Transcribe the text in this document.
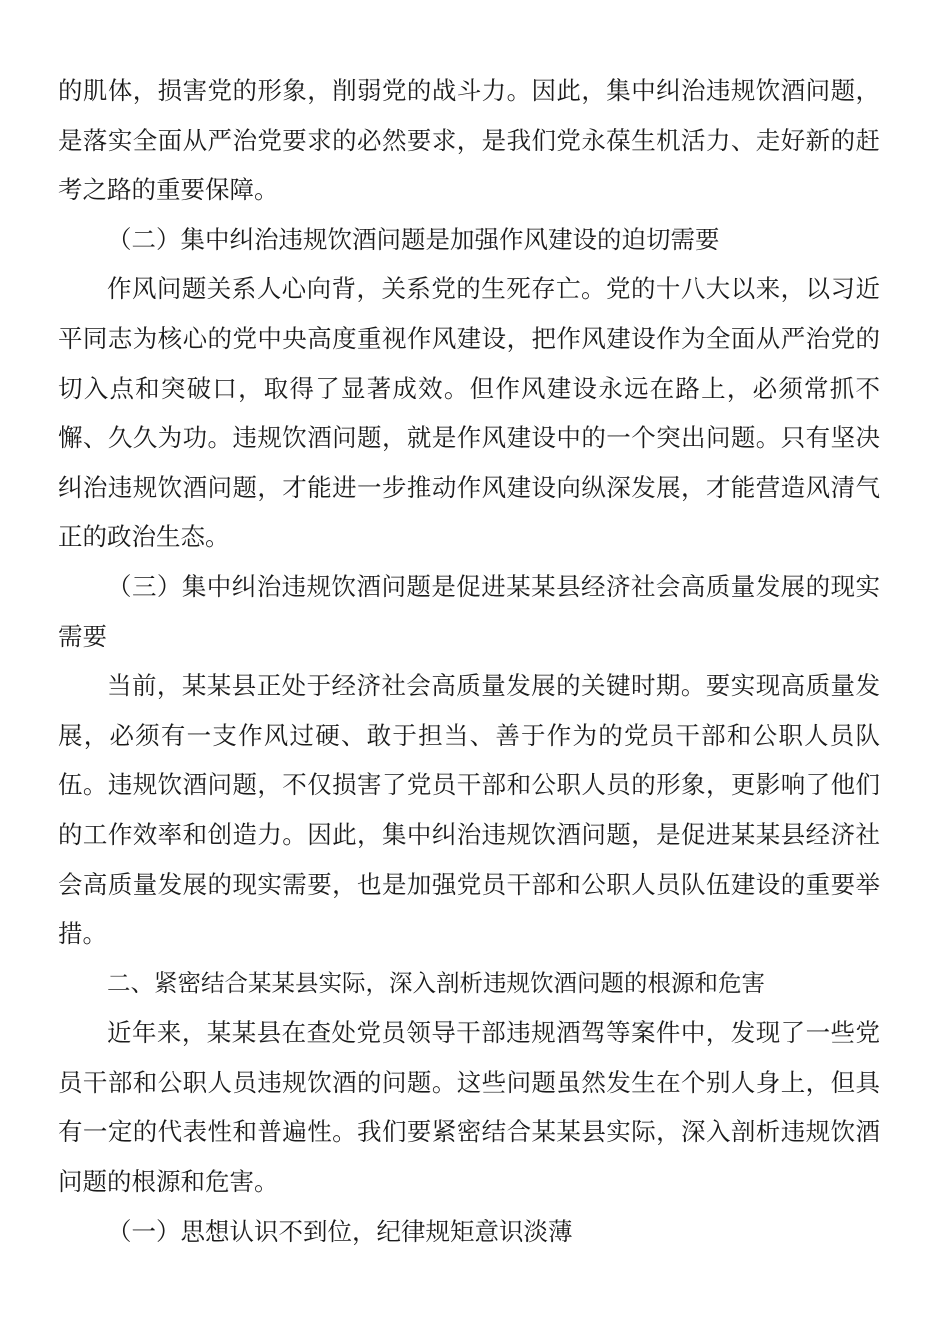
的肌体，损害党的形象，削弱党的战斗力。因此，集中纠治违规饮酒问题，是落实全面从严治党要求的必然要求，是我们党永葆生机活力、走好新的赶考之路的重要保障。

（二）集中纠治违规饮酒问题是加强作风建设的迫切需要

作风问题关系人心向背，关系党的生死存亡。党的十八大以来，以习近平同志为核心的党中央高度重视作风建设，把作风建设作为全面从严治党的切入点和突破口，取得了显著成效。但作风建设永远在路上，必须常抓不懈、久久为功。违规饮酒问题，就是作风建设中的一个突出问题。只有坚决纠治违规饮酒问题，才能进一步推动作风建设向纵深发展，才能营造风清气正的政治生态。

（三）集中纠治违规饮酒问题是促进某某县经济社会高质量发展的现实需要

当前，某某县正处于经济社会高质量发展的关键时期。要实现高质量发展，必须有一支作风过硬、敢于担当、善于作为的党员干部和公职人员队伍。违规饮酒问题，不仅损害了党员干部和公职人员的形象，更影响了他们的工作效率和创造力。因此，集中纠治违规饮酒问题，是促进某某县经济社会高质量发展的现实需要，也是加强党员干部和公职人员队伍建设的重要举措。

二、紧密结合某某县实际，深入剖析违规饮酒问题的根源和危害

近年来，某某县在查处党员领导干部违规酒驾等案件中，发现了一些党员干部和公职人员违规饮酒的问题。这些问题虽然发生在个别人身上，但具有一定的代表性和普遍性。我们要紧密结合某某县实际，深入剖析违规饮酒问题的根源和危害。

（一）思想认识不到位，纪律规矩意识淡薄
